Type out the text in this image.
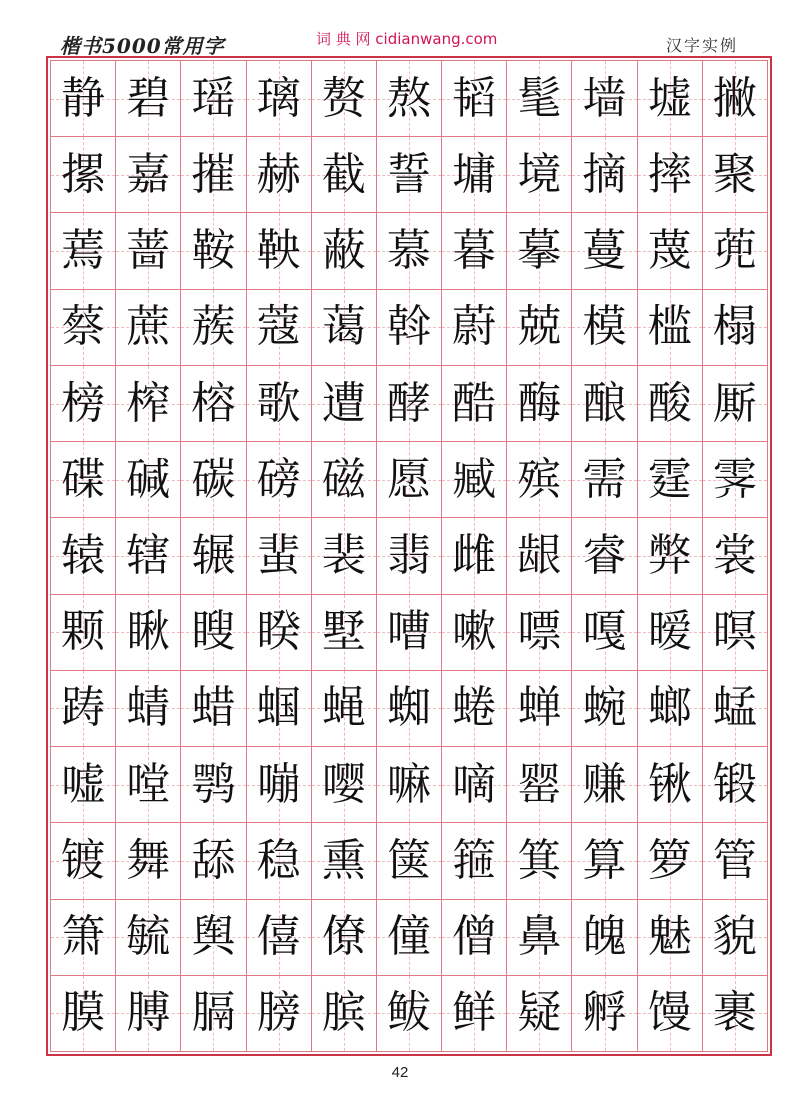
楷书5000常用字	词 典 网 cidianwang.com	汉字实例
静 碧 瑶 璃 赘 熬 韬 髦 墙 墟 撇
摞 嘉 摧 赫 截 誓 墉 境 摘 摔 聚
蔫 蔷 鞍 鞅 蔽 慕 暮 摹 蔓 蔑 蔸
蔡 蔗 蔟 蔻 蔼 斡 蔚 兢 模 槛 榻
榜 榨 榕 歌 遭 酵 酷 酶 酿 酸 厮
碟 碱 碳 磅 磁 愿 臧 殡 需 霆 霁
辕 辖 辗 蜚 裴 翡 雌 龈 睿 弊 裳
颗 瞅 瞍 睽 墅 嘈 嗽 嘌 嘎 暧 暝
踌 蜻 蜡 蝈 蝇 蜘 蜷 蝉 蜿 螂 蜢
嘘 嘡 鹗 嘣 嘤 嘛 嘀 罂 赚 锹 锻
镀 舞 舔 稳 熏 箧 箍 箕 算 箩 管
箫 毓 舆 僖 僚 僮 僧 鼻 魄 魅 貌
膜 膊 膈 膀 膑 鲅 鲜 疑 孵 馒 裹
42
